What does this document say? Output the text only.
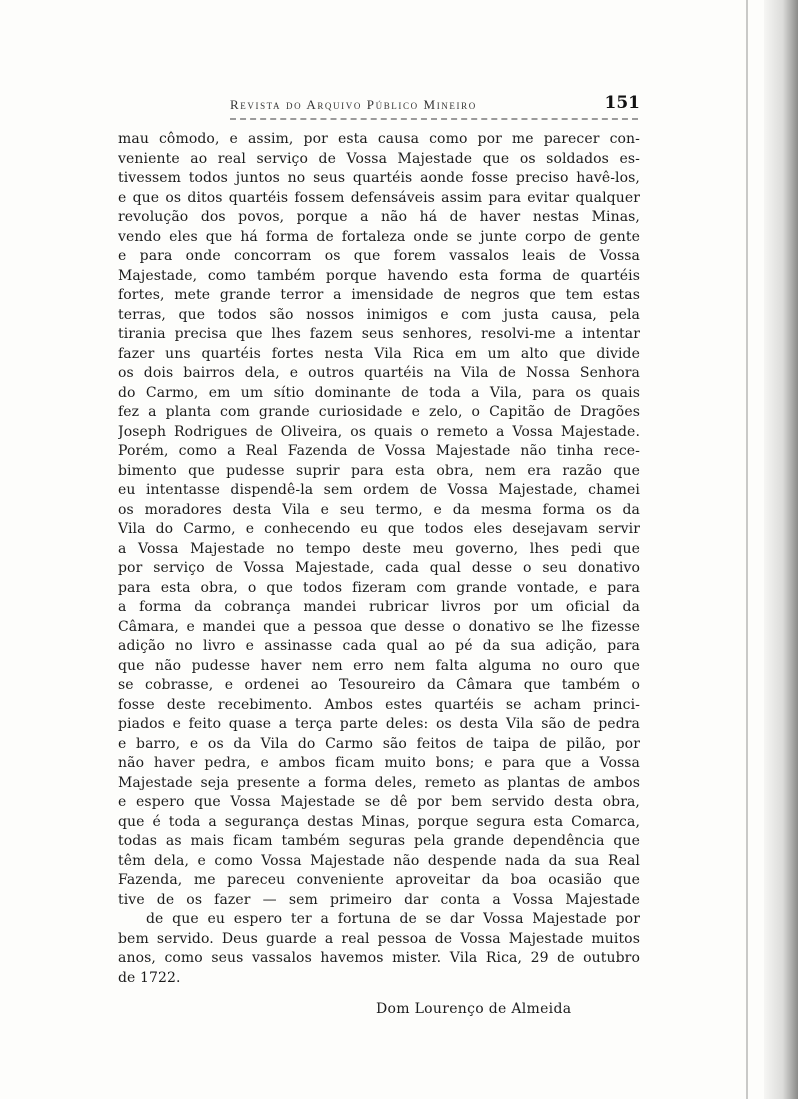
Revista do Arquivo Público Mineiro	151
mau cômodo, e assim, por esta causa como por me parecer con-
veniente ao real serviço de Vossa Majestade que os soldados es-
tivessem todos juntos no seus quartéis aonde fosse preciso havê-los,
e que os ditos quartéis fossem defensáveis assim para evitar qualquer
revolução dos povos, porque a não há de haver nestas Minas,
vendo eles que há forma de fortaleza onde se junte corpo de gente
e para onde concorram os que forem vassalos leais de Vossa
Majestade, como também porque havendo esta forma de quartéis
fortes, mete grande terror a imensidade de negros que tem estas
terras, que todos são nossos inimigos e com justa causa, pela
tirania precisa que lhes fazem seus senhores, resolvi-me a intentar
fazer uns quartéis fortes nesta Vila Rica em um alto que divide
os dois bairros dela, e outros quartéis na Vila de Nossa Senhora
do Carmo, em um sítio dominante de toda a Vila, para os quais
fez a planta com grande curiosidade e zelo, o Capitão de Dragões
Joseph Rodrigues de Oliveira, os quais o remeto a Vossa Majestade.
Porém, como a Real Fazenda de Vossa Majestade não tinha rece-
bimento que pudesse suprir para esta obra, nem era razão que
eu intentasse dispendê-la sem ordem de Vossa Majestade, chamei
os moradores desta Vila e seu termo, e da mesma forma os da
Vila do Carmo, e conhecendo eu que todos eles desejavam servir
a Vossa Majestade no tempo deste meu governo, lhes pedi que
por serviço de Vossa Majestade, cada qual desse o seu donativo
para esta obra, o que todos fizeram com grande vontade, e para
a forma da cobrança mandei rubricar livros por um oficial da
Câmara, e mandei que a pessoa que desse o donativo se lhe fizesse
adição no livro e assinasse cada qual ao pé da sua adição, para
que não pudesse haver nem erro nem falta alguma no ouro que
se cobrasse, e ordenei ao Tesoureiro da Câmara que também o
fosse deste recebimento. Ambos estes quartéis se acham princi-
piados e feito quase a terça parte deles: os desta Vila são de pedra
e barro, e os da Vila do Carmo são feitos de taipa de pilão, por
não haver pedra, e ambos ficam muito bons; e para que a Vossa
Majestade seja presente a forma deles, remeto as plantas de ambos
e espero que Vossa Majestade se dê por bem servido desta obra,
que é toda a segurança destas Minas, porque segura esta Comarca,
todas as mais ficam também seguras pela grande dependência que
têm dela, e como Vossa Majestade não despende nada da sua Real
Fazenda, me pareceu conveniente aproveitar da boa ocasião que
tive de os fazer — sem primeiro dar conta a Vossa Majestade
de que eu espero ter a fortuna de se dar Vossa Majestade por
bem servido. Deus guarde a real pessoa de Vossa Majestade muitos
anos, como seus vassalos havemos mister. Vila Rica, 29 de outubro
de 1722.
Dom Lourenço de Almeida
